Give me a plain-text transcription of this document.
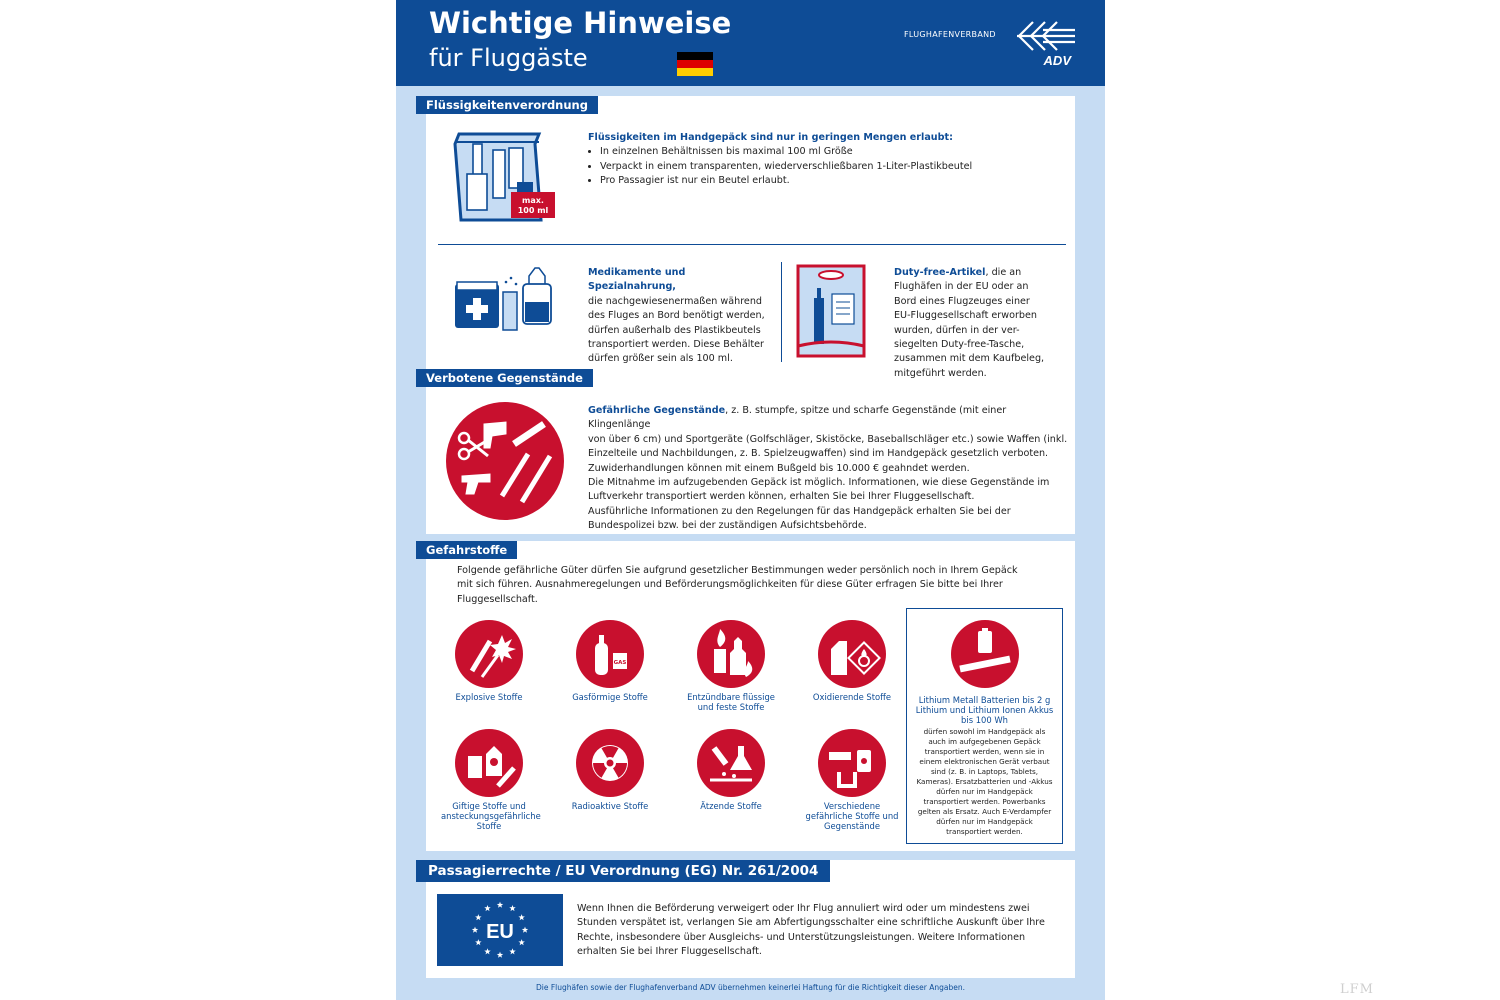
Wichtige Hinweise
für Fluggäste
FLUGHAFENVERBAND
ADV
Flüssigkeitenverordnung
max.
100 ml
Flüssigkeiten im Handgepäck sind nur in geringen Mengen erlaubt:
• In einzelnen Behältnissen bis maximal 100 ml Größe
• Verpackt in einem transparenten, wiederverschließbaren 1-Liter-Plastikbeutel
• Pro Passagier ist nur ein Beutel erlaubt.
Medikamente und Spezialnahrung,
die nachgewiesenermaßen während
des Fluges an Bord benötigt werden,
dürfen außerhalb des Plastikbeutels
transportiert werden. Diese Behälter
dürfen größer sein als 100 ml.
Duty-free-Artikel, die an
Flughäfen in der EU oder an
Bord eines Flugzeuges einer
EU-Fluggesellschaft erworben
wurden, dürfen in der ver-
siegelten Duty-free-Tasche,
zusammen mit dem Kaufbeleg,
mitgeführt werden.
Verbotene Gegenstände
Gefährliche Gegenstände, z. B. stumpfe, spitze und scharfe Gegenstände (mit einer Klingenlänge
von über 6 cm) und Sportgeräte (Golfschläger, Skistöcke, Baseballschläger etc.) sowie Waffen (inkl.
Einzelteile und Nachbildungen, z. B. Spielzeugwaffen) sind im Handgepäck gesetzlich verboten.
Zuwiderhandlungen können mit einem Bußgeld bis 10.000 € geahndet werden.
Die Mitnahme im aufzugebenden Gepäck ist möglich. Informationen, wie diese Gegenstände im
Luftverkehr transportiert werden können, erhalten Sie bei Ihrer Fluggesellschaft.
Ausführliche Informationen zu den Regelungen für das Handgepäck erhalten Sie bei der
Bundespolizei bzw. bei der zuständigen Aufsichtsbehörde.
Gefahrstoffe
Folgende gefährliche Güter dürfen Sie aufgrund gesetzlicher Bestimmungen weder persönlich noch in Ihrem Gepäck
mit sich führen. Ausnahmeregelungen und Beförderungsmöglichkeiten für diese Güter erfragen Sie bitte bei Ihrer
Fluggesellschaft.
Explosive Stoffe
GAS
Gasförmige Stoffe	Entzündbare flüssige und feste Stoffe
Oxidierende Stoffe
Giftige Stoffe und ansteckungsgefährliche Stoffe
Radioaktive Stoffe	Ätzende Stoffe	Verschiedene gefährliche Stoffe und Gegenstände
Lithium Metall Batterien bis 2 g Lithium und Lithium Ionen Akkus bis 100 Wh
dürfen sowohl im Handgepäck als auch im aufgegebenen Gepäck transportiert werden, wenn sie in einem elektronischen Gerät verbaut sind (z. B. in Laptops, Tablets, Kameras). Ersatzbatterien und -Akkus dürfen nur im Handgepäck transportiert werden. Powerbanks gelten als Ersatz. Auch E-Verdampfer dürfen nur im Handgepäck transportiert werden.
Passagierrechte / EU Verordnung (EG) Nr. 261/2004
EU
Wenn Ihnen die Beförderung verweigert oder Ihr Flug annuliert wird oder um mindestens zwei
Stunden verspätet ist, verlangen Sie am Abfertigungsschalter eine schriftliche Auskunft über Ihre
Rechte, insbesondere über Ausgleichs- und Unterstützungsleistungen. Weitere Informationen
erhalten Sie bei Ihrer Fluggesellschaft.
Die Flughäfen sowie der Flughafenverband ADV übernehmen keinerlei Haftung für die Richtigkeit dieser Angaben.	LFM
